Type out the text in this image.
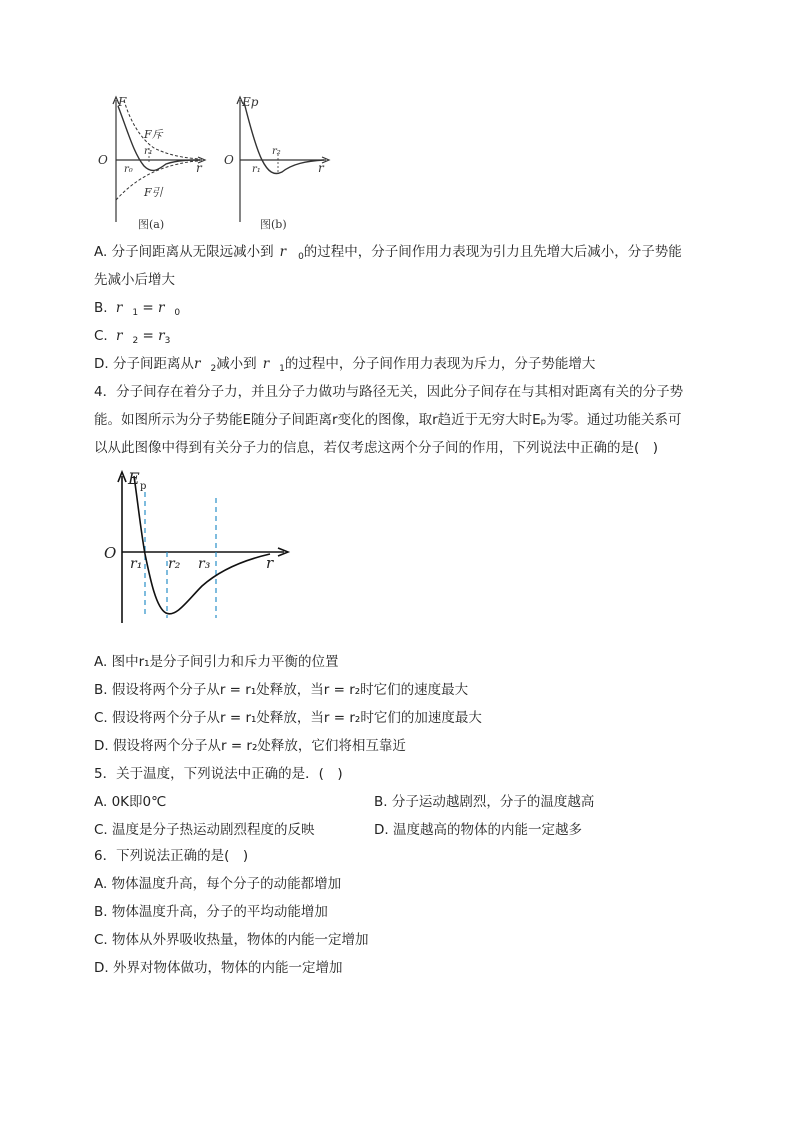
F
F斥
F引
O
r₀
r₁
r
图(a)
Ep
O
r₁
r₂
r
图(b)
A. 分子间距离从无限远减小到 r $_0$的过程中，分子间作用力表现为引力且先增大后减小，分子势能
先减小后增大
B. r $_1$ = r $_0$
C. r $_2 = r_3$
D. 分子间距离从r $_2$减小到 r $_1$的过程中，分子间作用力表现为斥力，分子势能增大
4．分子间存在着分子力，并且分子力做功与路径无关，因此分子间存在与其相对距离有关的分子势
能。如图所示为分子势能E随分子间距离r变化的图像，取r趋近于无穷大时Eₚ为零。通过功能关系可
以从此图像中得到有关分子力的信息，若仅考虑这两个分子间的作用，下列说法中正确的是(　)
E p
O
r₁ r₂ r₃	r
A. 图中r₁是分子间引力和斥力平衡的位置
B. 假设将两个分子从r = r₁处释放，当r = r₂时它们的速度最大
C. 假设将两个分子从r = r₁处释放，当r = r₂时它们的加速度最大
D. 假设将两个分子从r = r₂处释放，它们将相互靠近
5．关于温度，下列说法中正确的是．(　)
A. 0K即0℃	B. 分子运动越剧烈，分子的温度越高
C. 温度是分子热运动剧烈程度的反映	D. 温度越高的物体的内能一定越多
6．下列说法正确的是(　)
A. 物体温度升高，每个分子的动能都增加
B. 物体温度升高，分子的平均动能增加
C. 物体从外界吸收热量，物体的内能一定增加
D. 外界对物体做功，物体的内能一定增加
